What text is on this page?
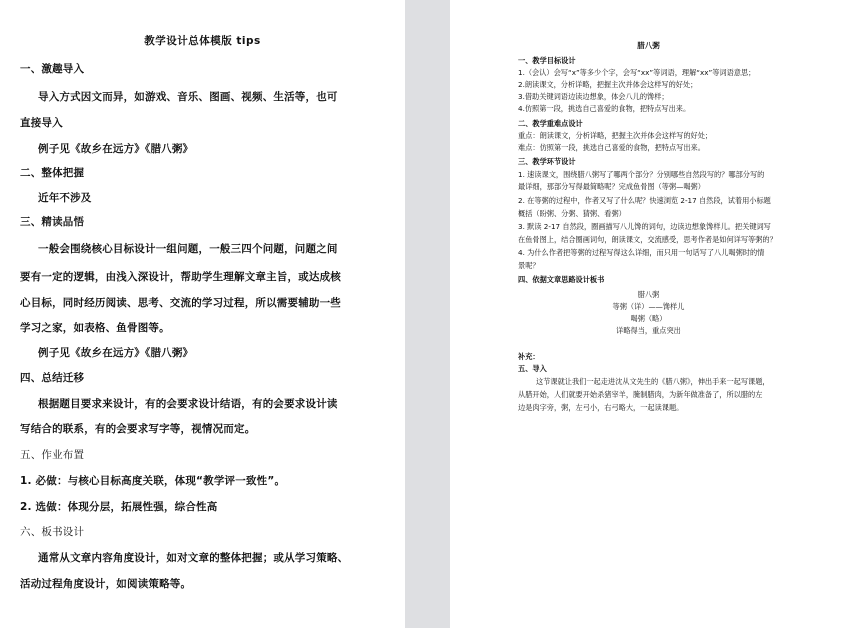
教学设计总体模版 tips
一、激趣导入
导入方式因文而异，如游戏、音乐、图画、视频、生活等，也可
直接导入
例子见《故乡在远方》《腊八粥》
二、整体把握
近年不涉及
三、精读品悟
一般会围绕核心目标设计一组问题，一般三四个问题，问题之间
要有一定的逻辑，由浅入深设计，帮助学生理解文章主旨，或达成核
心目标，同时经历阅读、思考、交流的学习过程，所以需要辅助一些
学习之家，如表格、鱼骨图等。
例子见《故乡在远方》《腊八粥》
四、总结迁移
根据题目要求来设计，有的会要求设计结语，有的会要求设计读
写结合的联系，有的会要求写字等，视情况而定。
五、作业布置
1. 必做：与核心目标高度关联，体现“教学评一致性”。
2. 选做：体现分层，拓展性强，综合性高
六、板书设计
通常从文章内容角度设计，如对文章的整体把握；或从学习策略、
活动过程角度设计，如阅读策略等。
腊八粥
一、教学目标设计
1.（会认）会写“x”等多少个字，会写“xx”等词语，理解“xx”等词语意思；
2.朗读课文，分析详略，把握主次并体会这样写的好处；
3.借助关键词语边读边想象，体会八儿的馋样；
4.仿照第一段，挑选自己喜爱的食物，把特点写出来。
二、教学重难点设计
重点：朗读课文，分析详略，把握主次并体会这样写的好处；
难点：仿照第一段，挑选自己喜爱的食物，把特点写出来。
三、教学环节设计
1. 速读课文，围绕腊八粥写了哪两个部分？分别哪些自然段写的？哪部分写的
最详细，那部分写得最简略呢？完成鱼骨图（等粥—喝粥）
2. 在等粥的过程中，作者又写了什么呢？快速浏览 2-17 自然段，试着用小标题
概括（盼粥、分粥、猜粥、看粥）
3. 默读 2-17 自然段，圈画描写八儿馋的词句，边读边想象馋样儿。把关键词写
在鱼骨图上，结合圈画词句，朗读课文，交流感受，思考作者是如何详写等粥的？
4. 为什么作者把等粥的过程写得这么详细，而只用一句话写了八儿喝粥时的情
景呢？
四、依据文章思路设计板书
腊八粥
等粥（详）——馋样儿
喝粥（略）
详略得当，重点突出
补充：
五、导入
这节课就让我们一起走进沈从文先生的《腊八粥》，伸出手来一起写课题，
从腊开始，人们就要开始杀猪宰羊，腌制腊肉，为新年做准备了，所以腊的左
边是肉字旁，粥，左弓小，右弓略大，一起读课题。
